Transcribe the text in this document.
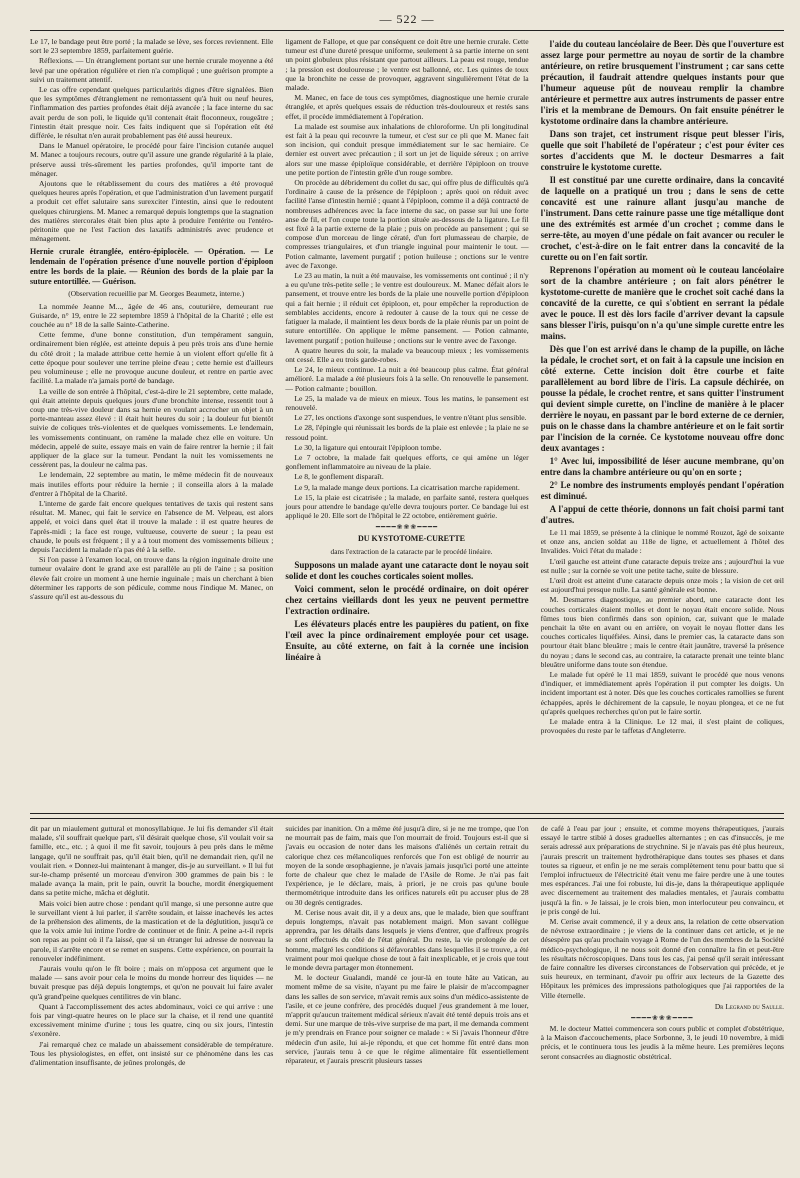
— 522 —

Le 17, le bandage peut être porté ; la malade se lève, ses forces reviennent. Elle sort le 23 septembre 1859, parfaitement guérie.

Réflexions. — Un étranglement portant sur une hernie crurale moyenne a été levé par une opération régulière et rien n'a compliqué ; une guérison prompte a suivi un traitement attentif.

Le cas offre cependant quelques particularités dignes d'être signalées. Bien que les symptômes d'étranglement ne remontassent qu'à huit ou neuf heures, l'inflammation des parties profondes était déjà avancée ; la face interne du sac avait perdu de son poli, le liquide qu'il contenait était floconneux, rougeâtre ; l'intestin était presque noir. Ces faits indiquent que si l'opération eût été différée, le résultat n'en aurait probablement pas été aussi heureux.

Dans le Manuel opératoire, le procédé pour faire l'incision cutanée auquel M. Manec a toujours recours, outre qu'il assure une grande régularité à la plaie, préserve aussi très-sûrement les parties profondes, qu'il importe tant de ménager.

Ajoutons que le rétablissement du cours des matières a été provoqué quelques heures après l'opération, et que l'administration d'un lavement purgatif a produit cet effet salutaire sans surexciter l'intestin, ainsi que le redoutent quelques chirurgiens. M. Manec a remarqué depuis longtemps que la stagnation des matières stercorales était bien plus apte à produire l'entérite ou l'entéro-péritonite que ne l'est l'action des laxatifs administrés avec prudence et ménagement.

Hernie crurale étranglée, entéro-épiplocèle. — Opération. — Le lendemain de l'opération présence d'une nouvelle portion d'épiploon entre les bords de la plaie. — Réunion des bords de la plaie par la suture entortillée. — Guérison.

(Observation recueillie par M. Georges Beaumetz, interne.)

La nommée Jeanne M..., âgée de 46 ans, couturière, demeurant rue Guisarde, n° 19, entre le 22 septembre 1859 à l'hôpital de la Charité ; elle est couchée au n° 18 de la salle Sainte-Catherine.

Cette femme, d'une bonne constitution, d'un tempérament sanguin, ordinairement bien réglée, est atteinte depuis à peu près trois ans d'une hernie du côté droit ; la malade attribue cette hernie à un violent effort qu'elle fit à cette époque pour soulever une terrine pleine d'eau ; cette hernie est d'ailleurs peu volumineuse ; elle ne provoque aucune douleur, et rentre en partie avec facilité. La malade n'a jamais porté de bandage.

La veille de son entrée à l'hôpital, c'est-à-dire le 21 septembre, cette malade, qui était atteinte depuis quelques jours d'une bronchite intense, ressentit tout à coup une très-vive douleur dans sa hernie en voulant accrocher un objet à un porte-manteau assez élevé : il était huit heures du soir ; la douleur fut bientôt suivie de coliques très-violentes et de quelques vomissements. Le lendemain, les vomissements continuant, on ramène la malade chez elle en voiture. Un médecin, appelé de suite, essaye mais en vain de faire rentrer la hernie ; il fait appliquer de la glace sur la tumeur. Pendant la nuit les vomissements ne cessèrent pas, la douleur ne calma pas.

Le lendemain, 22 septembre au matin, le même médecin fit de nouveaux mais inutiles efforts pour réduire la hernie ; il conseilla alors à la malade d'entrer à l'hôpital de la Charité.

L'interne de garde fait encore quelques tentatives de taxis qui restent sans résultat. M. Manec, qui fait le service en l'absence de M. Velpeau, est alors appelé, et voici dans quel état il trouve la malade : il est quatre heures de l'après-midi ; la face est rouge, vultueuse, couverte de sueur ; la peau est chaude, le pouls est fréquent ; il y a à tout moment des vomissements bilieux ; depuis l'accident la malade n'a pas été à la selle.

Si l'on passe à l'examen local, on trouve dans la région inguinale droite une tumeur ovalaire dont le grand axe est parallèle au pli de l'aine ; sa position élevée fait croire un moment à une hernie inguinale ; mais un cherchant à bien déterminer les rapports de son pédicule, comme nous l'indique M. Manec, on s'assure qu'il est au-dessous du

ligament de Fallope, et que par conséquent ce doit être une hernie crurale. Cette tumeur est d'une dureté presque uniforme, seulement à sa partie interne on sent un point globuleux plus résistant que partout ailleurs. La peau est rouge, tendue ; la pression est douloureuse ; le ventre est ballonné, etc. Les quintes de toux que la bronchite ne cesse de provoquer, aggravent singulièrement l'état de la malade.

M. Manec, en face de tous ces symptômes, diagnostique une hernie crurale étranglée, et après quelques essais de réduction très-douloureux et restés sans effet, il procède immédiatement à l'opération.

La malade est soumise aux inhalations de chloroforme. Un pli longitudinal est fait à la peau qui recouvre la tumeur, et c'est sur ce pli que M. Manec fait son incision, qui conduit presque immédiatement sur le sac herniaire. Ce dernier est ouvert avec précaution ; il sort un jet de liquide séreux ; on arrive alors sur une masse épiploïque considérable, et derrière l'épiploon on trouve une petite portion de l'intestin grêle d'un rouge sombre.

On procède au débridement du collet du sac, qui offre plus de difficultés qu'à l'ordinaire à cause de la présence de l'épiploon ; après quoi on réduit avec facilité l'anse d'intestin hernié ; quant à l'épiploon, comme il a déjà contracté de nombreuses adhérences avec la face interne du sac, on passe sur lui une forte anse de fil, et l'on coupe toute la portion située au-dessous de la ligature. Le fil est fixé à la partie externe de la plaie ; puis on procède au pansement ; qui se compose d'un morceau de linge cératé, d'un fort plumasseau de charpie, de compresses triangulaires, et d'un triangle inguinal pour maintenir le tout. — Potion calmante, lavement purgatif ; potion huileuse ; onctions sur le ventre avec de l'axonge.

Le 23 au matin, la nuit a été mauvaise, les vomissements ont continué ; il n'y a eu qu'une très-petite selle ; le ventre est douloureux. M. Manec défait alors le pansement, et trouve entre les bords de la plaie une nouvelle portion d'épiploon qui a fait hernie ; il réduit cet épiploon, et, pour empêcher la reproduction de semblables accidents, encore à redouter à cause de la toux qui ne cesse de fatiguer la malade, il maintient les deux bords de la plaie réunis par un point de suture entortillée. On applique le même pansement. — Potion calmante, lavement purgatif ; potion huileuse ; onctions sur le ventre avec de l'axonge.

A quatre heures du soir, la malade va beaucoup mieux ; les vomissements ont cessé. Elle a eu trois garde-robes.

Le 24, le mieux continue. La nuit a été beaucoup plus calme. État général amélioré. La malade a été plusieurs fois à la selle. On renouvelle le pansement. — Potion calmante ; bouillon.

Le 25, la malade va de mieux en mieux. Tous les matins, le pansement est renouvelé.

Le 27, les onctions d'axonge sont suspendues, le ventre n'étant plus sensible.

Le 28, l'épingle qui réunissait les bords de la plaie est enlevée ; la plaie ne se ressoud point.

Le 30, la ligature qui entourait l'épiploon tombe.

Le 7 octobre, la malade fait quelques efforts, ce qui amène un léger gonflement inflammatoire au niveau de la plaie.

Le 8, le gonflement disparaît.

Le 9, la malade mange deux portions. La cicatrisation marche rapidement.

Le 15, la plaie est cicatrisée ; la malade, en parfaite santé, restera quelques jours pour attendre le bandage qu'elle devra toujours porter. Ce bandage lui est appliqué le 20. Elle sort de l'hôpital le 22 octobre, entièrement guérie.

━━━━❀❀❀━━━━

DU KYSTOTOME-CURETTE

dans l'extraction de la cataracte par le procédé linéaire.

Supposons un malade ayant une cataracte dont le noyau soit solide et dont les couches corticales soient molles.

Voici comment, selon le procédé ordinaire, on doit opérer chez certains vieillards dont les yeux ne peuvent permettre l'extraction ordinaire.

Les élévateurs placés entre les paupières du patient, on fixe l'œil avec la pince ordinairement employée pour cet usage. Ensuite, au côté externe, on fait à la cornée une incision linéaire à

l'aide du couteau lancéolaire de Beer. Dès que l'ouverture est assez large pour permettre au noyau de sortir de la chambre antérieure, on retire brusquement l'instrument ; car sans cette précaution, il faudrait attendre quelques instants pour que l'humeur aqueuse pût de nouveau remplir la chambre antérieure et permettre aux autres instruments de passer entre l'iris et la membrane de Demours. On fait ensuite pénétrer le kystotome ordinaire dans la chambre antérieure.

Dans son trajet, cet instrument risque peut blesser l'iris, quelle que soit l'habileté de l'opérateur ; c'est pour éviter ces sortes d'accidents que M. le docteur Desmarres a fait construire le kystotome curette.

Il est constitué par une curette ordinaire, dans la concavité de laquelle on a pratiqué un trou ; dans le sens de cette concavité est une rainure allant jusqu'au manche de l'instrument. Dans cette rainure passe une tige métallique dont une des extrémités est armée d'un crochet ; comme dans le serre-tête, au moyen d'une pédale on fait avancer ou reculer le crochet, c'est-à-dire on le fait entrer dans la concavité de la curette ou on l'en fait sortir.

Reprenons l'opération au moment où le couteau lancéolaire sort de la chambre antérieure ; on fait alors pénétrer le kystotome-curette de manière que le crochet soit caché dans la concavité de la curette, ce qui s'obtient en serrant la pédale avec le pouce. Il est dès lors facile d'arriver devant la capsule sans blesser l'iris, puisqu'on n'a qu'une simple curette entre les mains.

Dès que l'on est arrivé dans le champ de la pupille, on lâche la pédale, le crochet sort, et on fait à la capsule une incision en côté externe. Cette incision doit être courbe et faite parallèlement au bord libre de l'iris. La capsule déchirée, on pousse la pédale, le crochet rentre, et sans quitter l'instrument qui devient simple curette, on l'incline de manière à le placer derrière le noyau, en passant par le bord externe de ce dernier, puis on le chasse dans la chambre antérieure et on le fait sortir par l'incision de la cornée. Ce kystotome nouveau offre donc deux avantages :

1° Avec lui, impossibilité de léser aucune membrane, qu'on entre dans la chambre antérieure ou qu'on en sorte ;

2° Le nombre des instruments employés pendant l'opération est diminué.

A l'appui de cette théorie, donnons un fait choisi parmi tant d'autres.

Le 11 mai 1859, se présente à la clinique le nommé Rouzot, âgé de soixante et onze ans, ancien soldat au 118e de ligne, et actuellement à l'hôtel des Invalides. Voici l'état du malade :

L'œil gauche est atteint d'une cataracte depuis treize ans ; aujourd'hui la vue est nulle ; sur la cornée se voit une petite tache, suite de blessure.

L'œil droit est atteint d'une cataracte depuis onze mois ; la vision de cet œil est aujourd'hui presque nulle. La santé générale est bonne.

M. Desmarres diagnostique, au premier abord, une cataracte dont les couches corticales étaient molles et dont le noyau était encore solide. Nous fûmes tous bien confirmés dans son opinion, car, suivant que le malade penchait la tête en avant ou en arrière, on voyait le noyau flotter dans les couches corticales liquéfiées. Ainsi, dans le premier cas, la cataracte dans son pourtour était blanc bleuâtre ; mais le centre était jaunâtre, traversé la présence du noyau ; dans le second cas, au contraire, la cataracte prenait une teinte blanc bleuâtre uniforme dans toute son étendue.

Le malade fut opéré le 11 mai 1859, suivant le procédé que nous venons d'indiquer, et immédiatement après l'opération il put compter les doigts. Un incident important est à noter. Dès que les couches corticales ramollies se furent échappées, après le déchirement de la capsule, le noyau plongea, et ce ne fut qu'après quelques recherches qu'on put le faire sortir.

Le malade entra à la Clinique. Le 12 mai, il s'est plaint de coliques, provoquées du reste par le taffetas d'Angleterre.

dit par un miaulement guttural et monosyllabique. Je lui fis demander s'il était malade, s'il souffrait quelque part, s'il désirait quelque chose, s'il voulait voir sa famille, etc., etc. ; à quoi il me fit savoir, toujours à peu près dans le même langage, qu'il ne souffrait pas, qu'il était bien, qu'il ne demandait rien, qu'il ne voulait rien. « Donnez-lui maintenant à manger, dis-je au surveillant. » Il lui fut sur-le-champ présenté un morceau d'environ 300 grammes de pain bis : le malade avança la main, prit le pain, ouvrit la bouche, mordit énergiquement dans sa petite miche, mâcha et déglutit.

Mais voici bien autre chose : pendant qu'il mange, si une personne autre que le surveillant vient à lui parler, il s'arrête soudain, et laisse inachevés les actes de la préhension des aliments, de la mastication et de la déglutition, jusqu'à ce que la voix amie lui intime l'ordre de continuer et de finir. A peine a-t-il repris son repas au point où il l'a laissé, que si un étranger lui adresse de nouveau la parole, il s'arrête encore et se remet en suspens. Cette expérience, on pourrait la renouveler indéfiniment.

J'aurais voulu qu'on le fît boire ; mais on m'opposa cet argument que le malade — sans avoir pour cela le moins du monde horreur des liquides — ne buvait presque pas déjà depuis longtemps, et qu'on ne pouvait lui faire avaler qu'à grand'peine quelques centilitres de vin blanc.

Quant à l'accomplissement des actes abdominaux, voici ce qui arrive : une fois par vingt-quatre heures on le place sur la chaise, et il rend une quantité excessivement minime d'urine ; tous les quatre, cinq ou six jours, l'intestin s'exonère.

J'ai remarqué chez ce malade un abaissement considérable de température. Tous les physiologistes, en effet, ont insisté sur ce phénomène dans les cas d'alimentation insuffisante, de jeûnes prolongés, de

suicides par inanition. On a même été jusqu'à dire, si je ne me trompe, que l'on ne mourrait pas de faim, mais que l'on mourrait de froid. Toujours est-il que si j'avais eu occasion de noter dans les maisons d'aliénés un certain retrait du calorique chez ces mélancoliques renforcés que l'on est obligé de nourrir au moyen de la sonde œsophagienne, je n'avais jamais jusqu'ici porté une atteinte forte de chaleur que chez le malade de l'Asile de Rome. Je n'ai pas fait l'expérience, je le déclare, mais, à priori, je ne crois pas qu'une boule thermométrique introduite dans les orifices naturels eût pu accuser plus de 28 ou 30 degrés centigrades.

M. Cerise nous avait dit, il y a deux ans, que le malade, bien que souffrant depuis longtemps, n'avait pas notablement maigri. Mon savant collègue apprendra, par les détails dans lesquels je viens d'entrer, que d'affreux progrès se sont effectués du côté de l'état général. Du reste, la vie prolongée de cet homme, malgré les conditions si défavorables dans lesquelles il se trouve, a été vraiment pour moi quelque chose de tout à fait inexplicable, et je crois que tout le monde devra partager mon étonnement.

M. le docteur Gualandi, mandé ce jour-là en toute hâte au Vatican, au moment même de sa visite, n'ayant pu me faire le plaisir de m'accompagner dans les salles de son service, m'avait remis aux soins d'un médico-assistente de l'asile, et ce jeune confrère, des procédés duquel j'eus grandement à me louer, m'apprit qu'aucun traitement médical sérieux n'avait été tenté depuis trois ans et demi. Sur une marque de très-vive surprise de ma part, il me demanda comment je m'y prendrais en France pour soigner ce malade : « Si j'avais l'honneur d'être médecin d'un asile, lui ai-je répondu, et que cet homme fût entré dans mon service, j'aurais tenu à ce que le régime alimentaire fût essentiellement réparateur, et j'aurais prescrit plusieurs tasses

de café à l'eau par jour ; ensuite, et comme moyens thérapeutiques, j'aurais essayé le tartre stibié à doses graduelles alternantes ; en cas d'insuccès, je me serais adressé aux préparations de strychnine. Si je n'avais pas été plus heureux, j'aurais prescrit un traitement hydrothérapique dans toutes ses phases et dans toutes sa rigueur, et enfin je ne me serais complètement tenu pour battu que si l'emploi infructueux de l'électricité était venu me faire perdre une à une toutes mes espérances. J'ai une foi robuste, lui dis-je, dans la thérapeutique appliquée avec discernement au traitement des maladies mentales, et j'aurais combattu jusqu'à la fin. » Je laissai, je le crois bien, mon interlocuteur peu convaincu, et je pris congé de lui.

M. Cerise avait commencé, il y a deux ans, la relation de cette observation de névrose extraordinaire ; je viens de la continuer dans cet article, et je ne désespère pas qu'au prochain voyage à Rome de l'un des membres de la Société médico-psychologique, il ne nous soit donné d'en connaître la fin et peut-être les résultats nécroscopiques. Dans tous les cas, j'ai pensé qu'il serait intéressant de faire connaître les diverses circonstances de l'observation qui précède, et je suis heureux, en terminant, d'avoir pu offrir aux lecteurs de la Gazette des Hôpitaux les prémices des impressions pathologiques que j'ai rapportées de la Ville éternelle.

Dr Legrand du Saulle.

━━━━❀❀❀━━━━

M. le docteur Mattei commencera son cours public et complet d'obstétrique, à la Maison d'accouchements, place Sorbonne, 3, le jeudi 10 novembre, à midi précis, et le continuera tous les jeudis à la même heure. Les premières leçons seront consacrées au diagnostic obstétrical.
